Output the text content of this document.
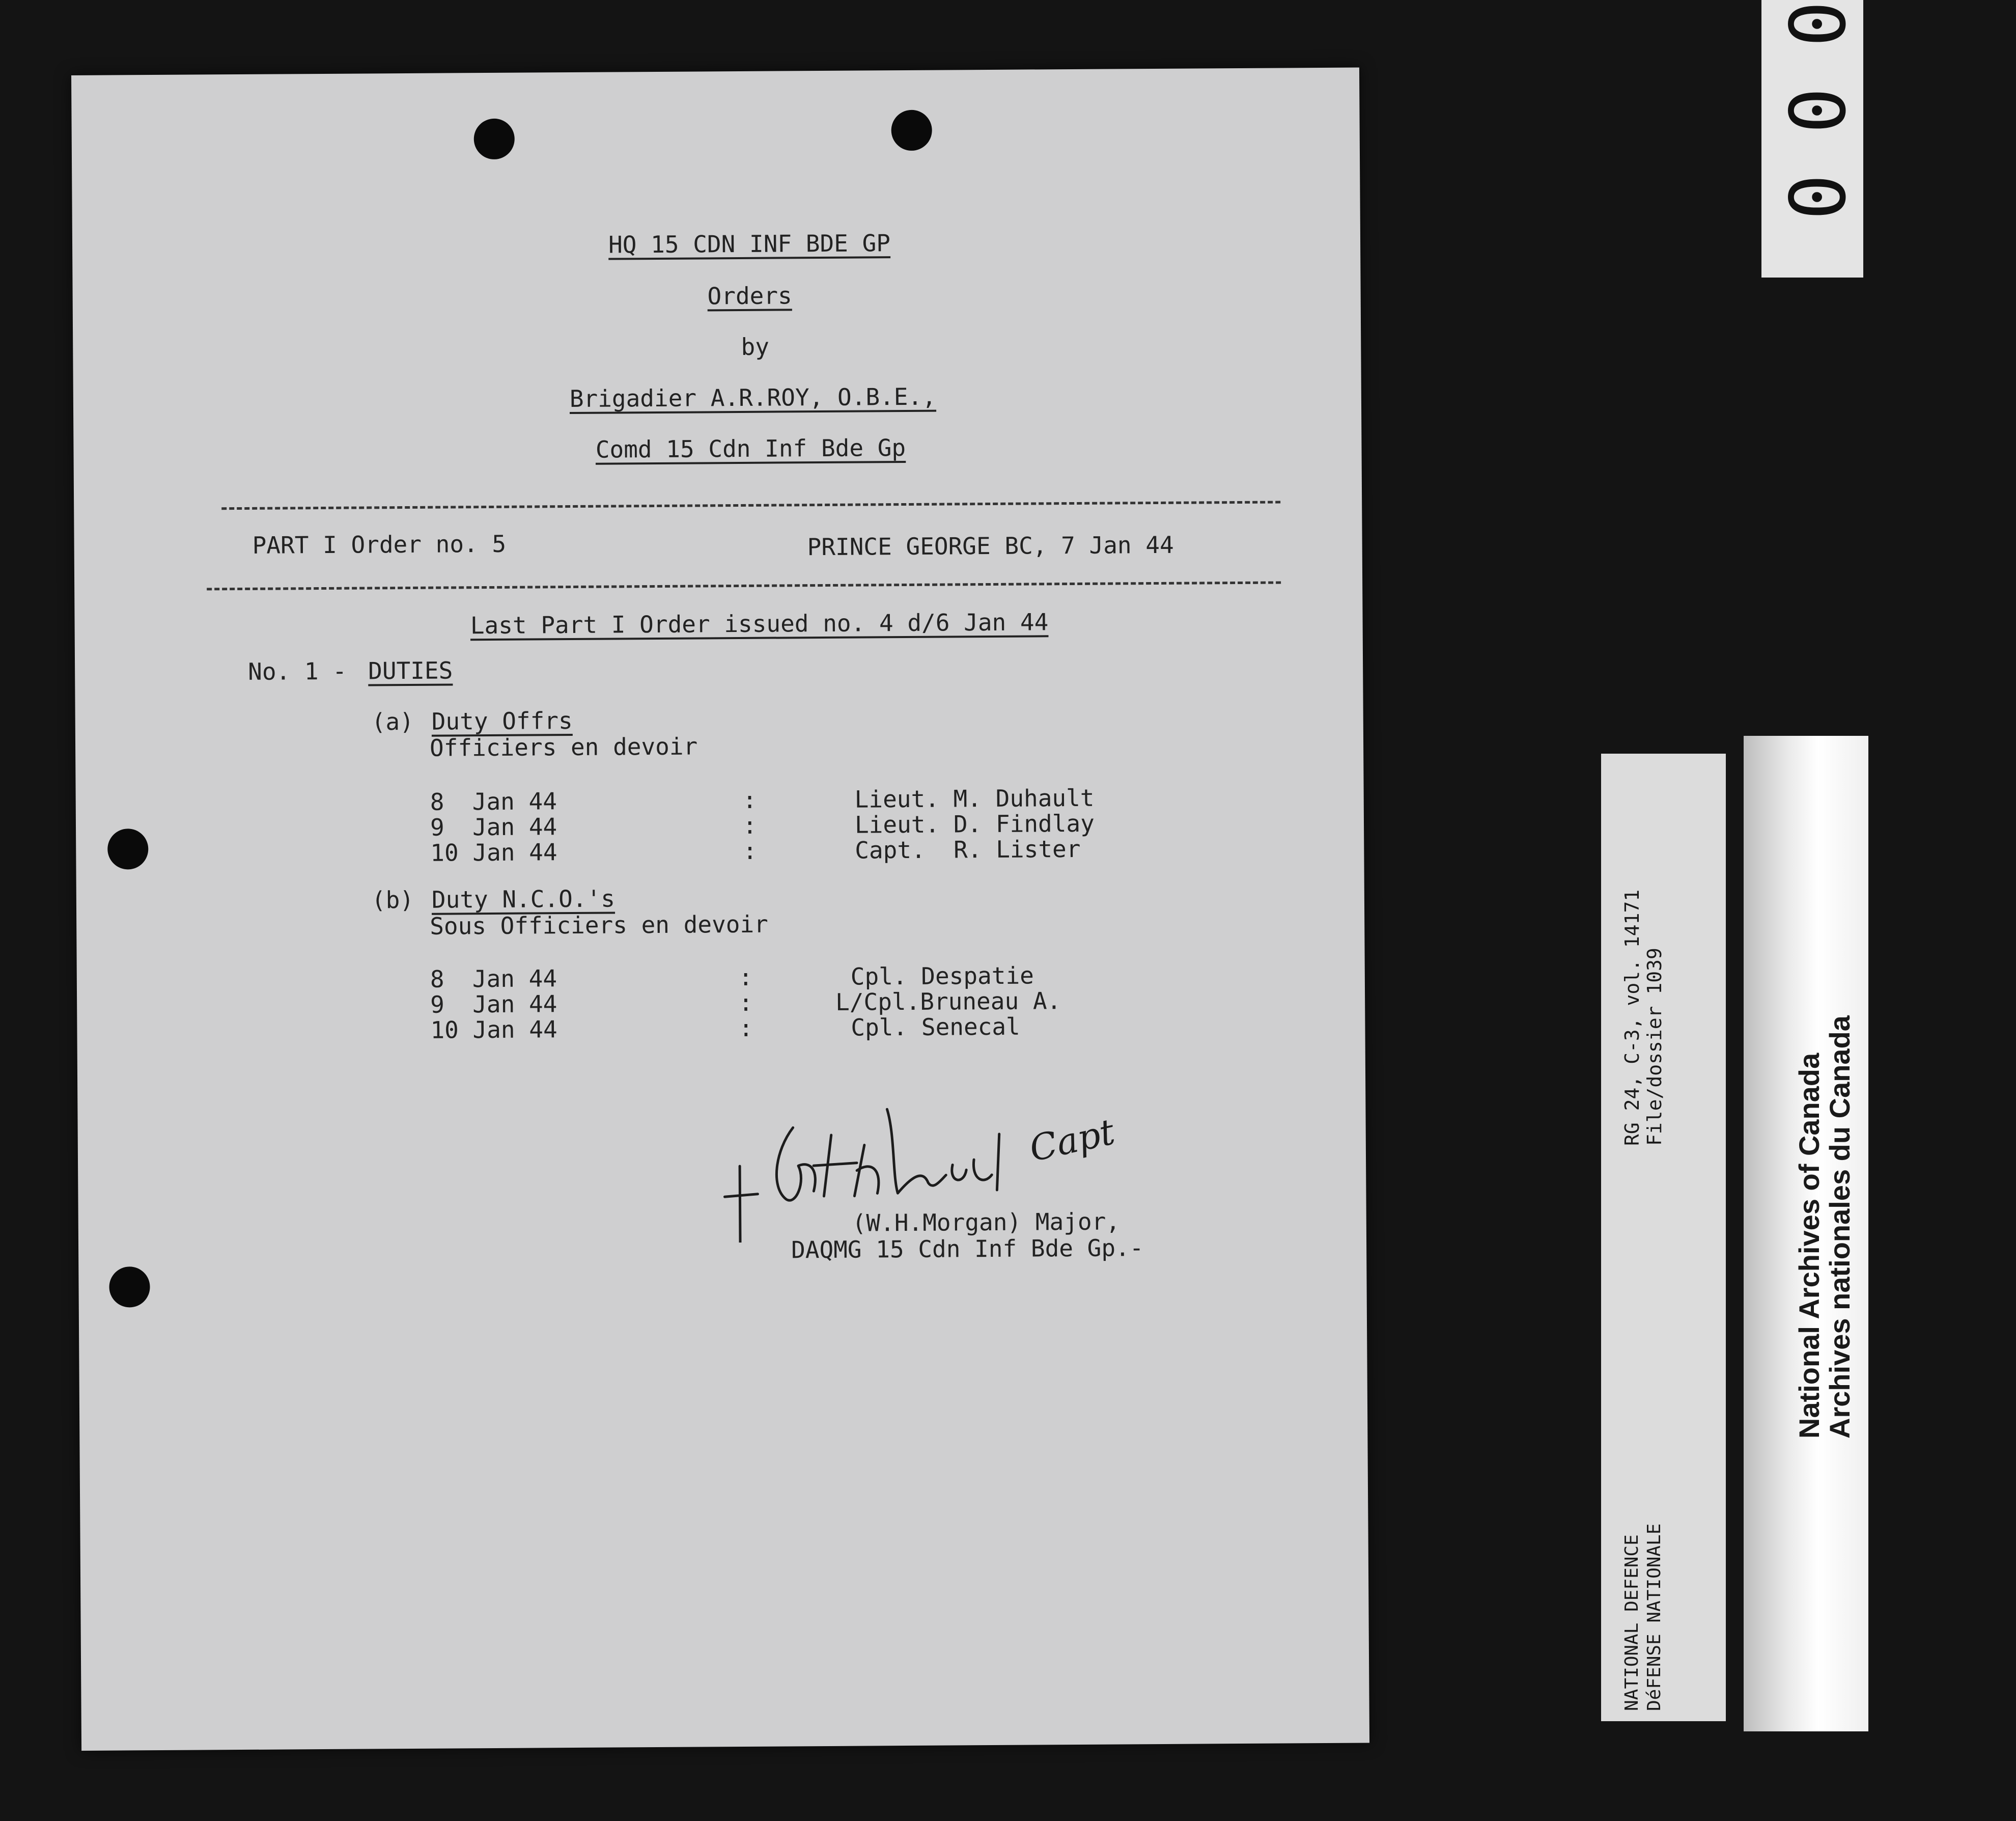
HQ 15 CDN INF BDE GP
Orders
by
Brigadier A.R.ROY, O.B.E.,
Comd 15 Cdn Inf Bde Gp
PART I Order no. 5	PRINCE GEORGE BC, 7 Jan 44
Last Part I Order issued no. 4 d/6 Jan 44
No. 1 - DUTIES
(a) Duty Offrs
Officiers en devoir
8  Jan 44	:	Lieut. M. Duhault
9  Jan 44	:	Lieut. D. Findlay
10 Jan 44	:	Capt.  R. Lister
(b) Duty N.C.O.'s
Sous Officiers en devoir
8  Jan 44	:	Cpl. Despatie
9  Jan 44	:	L/Cpl.Bruneau A.
10 Jan 44	:	Cpl. Senecal
Capt
(W.H.Morgan) Major,
DAQMG 15 Cdn Inf Bde Gp.-
0
0
0
RG 24, C-3, vol. 14171 File/dossier 1039
NATIONAL DEFENCE DéFENSE NATIONALE
National Archives of Canada
Archives nationales du Canada
